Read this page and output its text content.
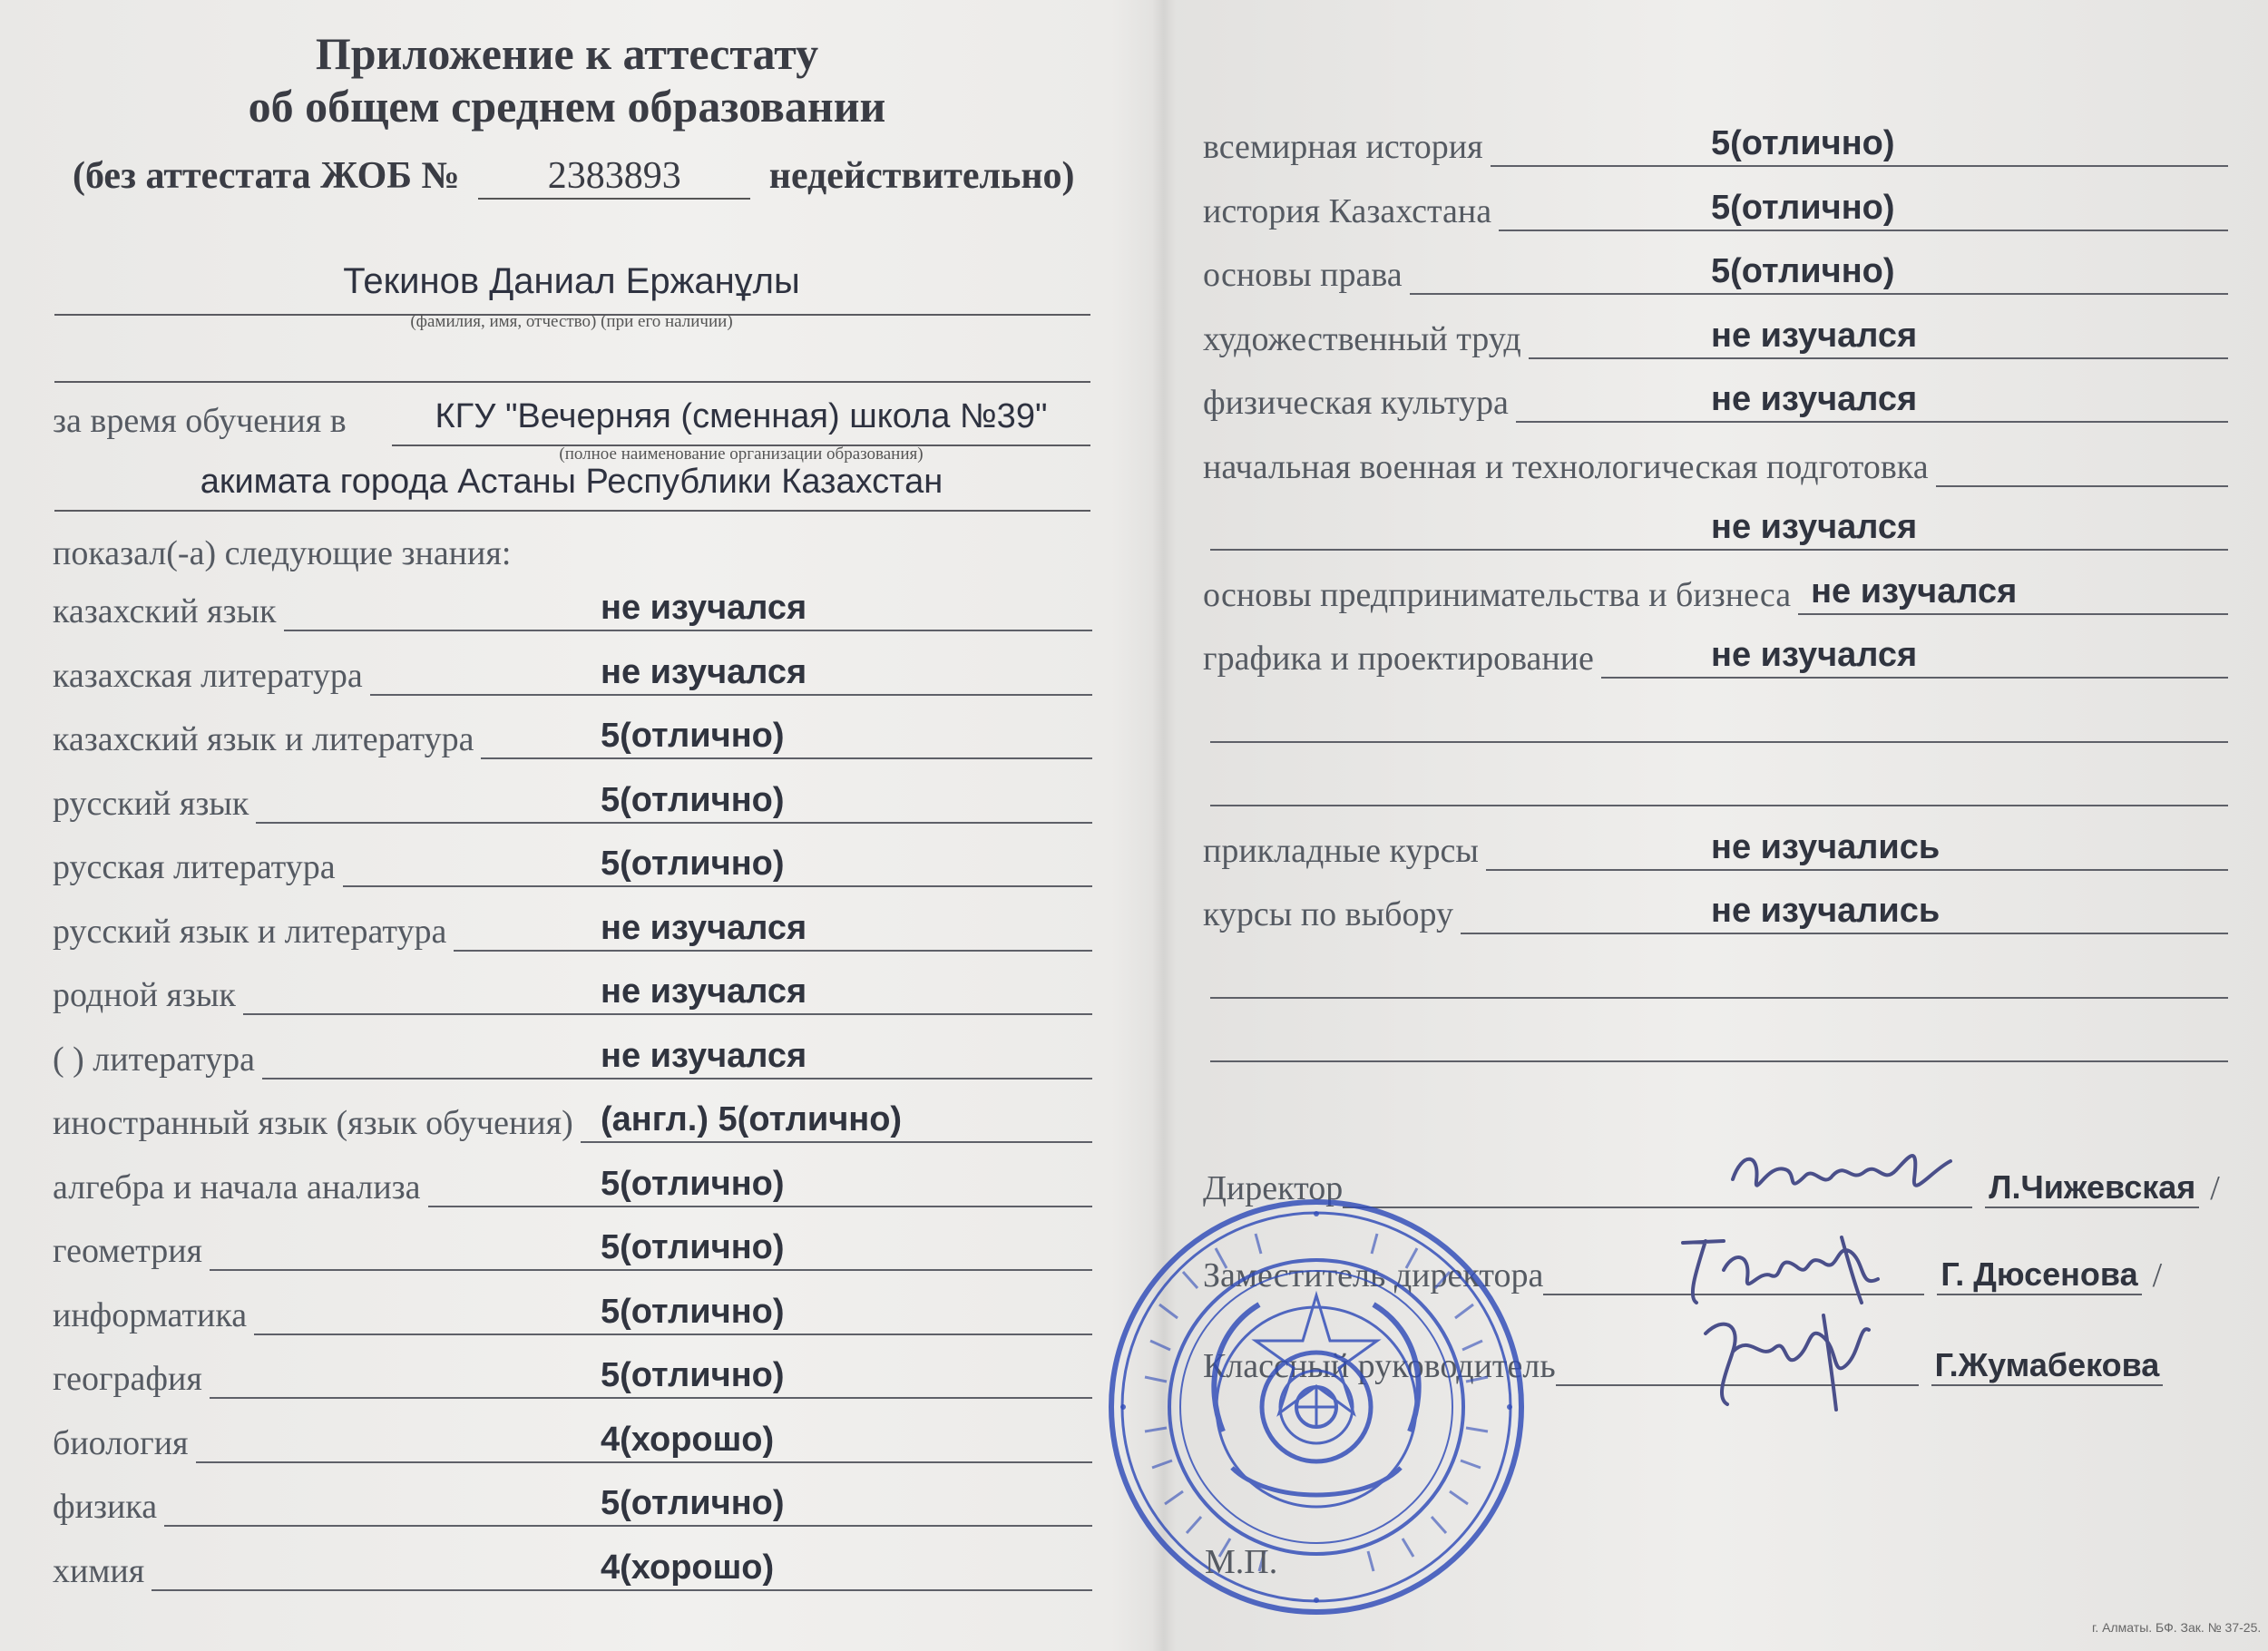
Приложение к аттестату
об общем среднем образовании
(без аттестата ЖОБ № 2383893 недействительно)
Текинов Даниал Ержанұлы
(фамилия, имя, отчество) (при его наличии)
за время обучения в	КГУ "Вечерняя (сменная) школа №39"
(полное наименование организации образования)
акимата города Астаны Республики Казахстан
показал(-а) следующие знания:
казахский язык	не изучался
казахская литература	не изучался
казахский язык и литература	5(отлично)
русский язык	5(отлично)
русская литература	5(отлично)
русский язык и литература	не изучался
родной язык	не изучался
( ) литература	не изучался
иностранный язык (язык обучения) (англ.) 5(отлично)
алгебра и начала анализа	5(отлично)
геометрия	5(отлично)
информатика	5(отлично)
география	5(отлично)
биология	4(хорошо)
физика	5(отлично)
химия	4(хорошо)
всемирная история	5(отлично)
история Казахстана	5(отлично)
основы права	5(отлично)
художественный труд	не изучался
физическая культура	не изучался
начальная военная и технологическая подготовка
не изучался
основы предпринимательства и бизнеса не изучался
графика и проектирование	не изучался
прикладные курсы	не изучались
курсы по выбору	не изучались
Директор	Л.Чижевская /
Заместитель директора	Г. Дюсенова /
Классный руководитель	Г.Жумабекова
М.П.
г. Алматы. БФ. Зак. № 37-25.
